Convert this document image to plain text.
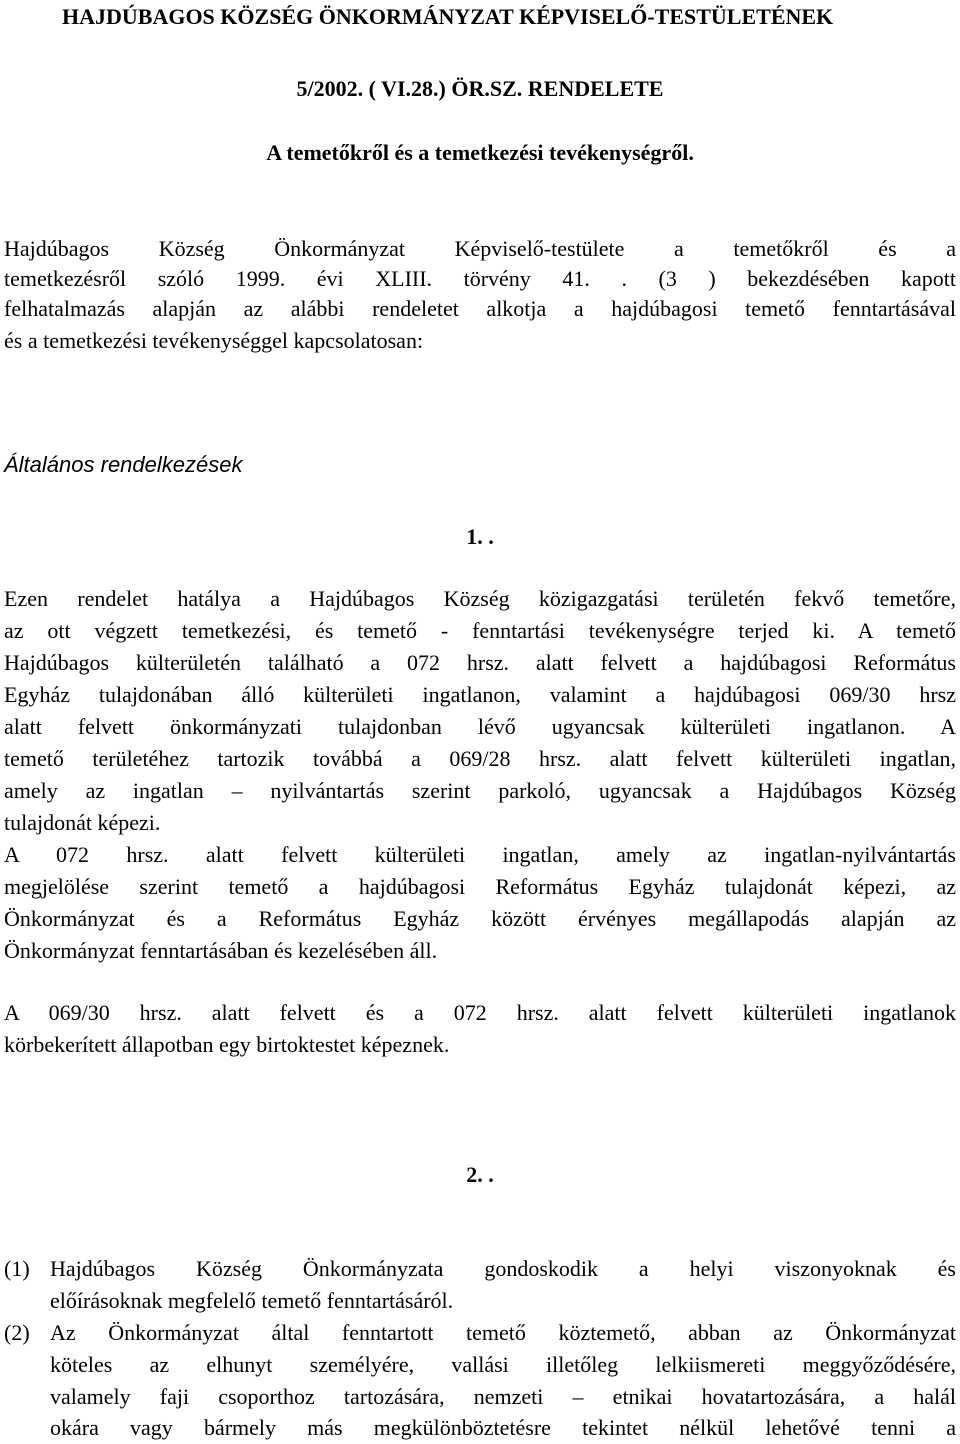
HAJDÚBAGOS KÖZSÉG ÖNKORMÁNYZAT KÉPVISELŐ-TESTÜLETÉNEK
5/2002. ( VI.28.) ÖR.SZ. RENDELETE
A temetőkről és a temetkezési tevékenységről.
Hajdúbagos Község Önkormányzat Képviselő-testülete a temetőkről és a
temetkezésről szóló 1999. évi XLIII. törvény 41. . (3 ) bekezdésében kapott
felhatalmazás alapján az alábbi rendeletet alkotja a hajdúbagosi temető fenntartásával
és a temetkezési tevékenységgel kapcsolatosan:
Általános rendelkezések
1. .
Ezen rendelet hatálya a Hajdúbagos Község közigazgatási területén fekvő temetőre,
az ott végzett temetkezési, és temető - fenntartási tevékenységre terjed ki. A temető
Hajdúbagos külterületén található a 072 hrsz. alatt felvett a hajdúbagosi Református
Egyház tulajdonában álló külterületi ingatlanon, valamint a hajdúbagosi 069/30 hrsz
alatt felvett önkormányzati tulajdonban lévő ugyancsak külterületi ingatlanon. A
temető területéhez tartozik továbbá a 069/28 hrsz. alatt felvett külterületi ingatlan,
amely az ingatlan – nyilvántartás szerint parkoló, ugyancsak a Hajdúbagos Község
tulajdonát képezi.
A 072 hrsz. alatt felvett külterületi ingatlan, amely az ingatlan-nyilvántartás
megjelölése szerint temető a hajdúbagosi Református Egyház tulajdonát képezi, az
Önkormányzat és a Református Egyház között érvényes megállapodás alapján az
Önkormányzat fenntartásában és kezelésében áll.
A 069/30 hrsz. alatt felvett és a 072 hrsz. alatt felvett külterületi ingatlanok
körbekerített állapotban egy birtoktestet képeznek.
2. .
(1) Hajdúbagos Község Önkormányzata gondoskodik a helyi viszonyoknak és
előírásoknak megfelelő temető fenntartásáról.
(2) Az Önkormányzat által fenntartott temető köztemető, abban az Önkormányzat
köteles az elhunyt személyére, vallási illetőleg lelkiismereti meggyőződésére,
valamely faji csoporthoz tartozására, nemzeti – etnikai hovatartozására, a halál
okára vagy bármely más megkülönböztetésre tekintet nélkül lehetővé tenni a
